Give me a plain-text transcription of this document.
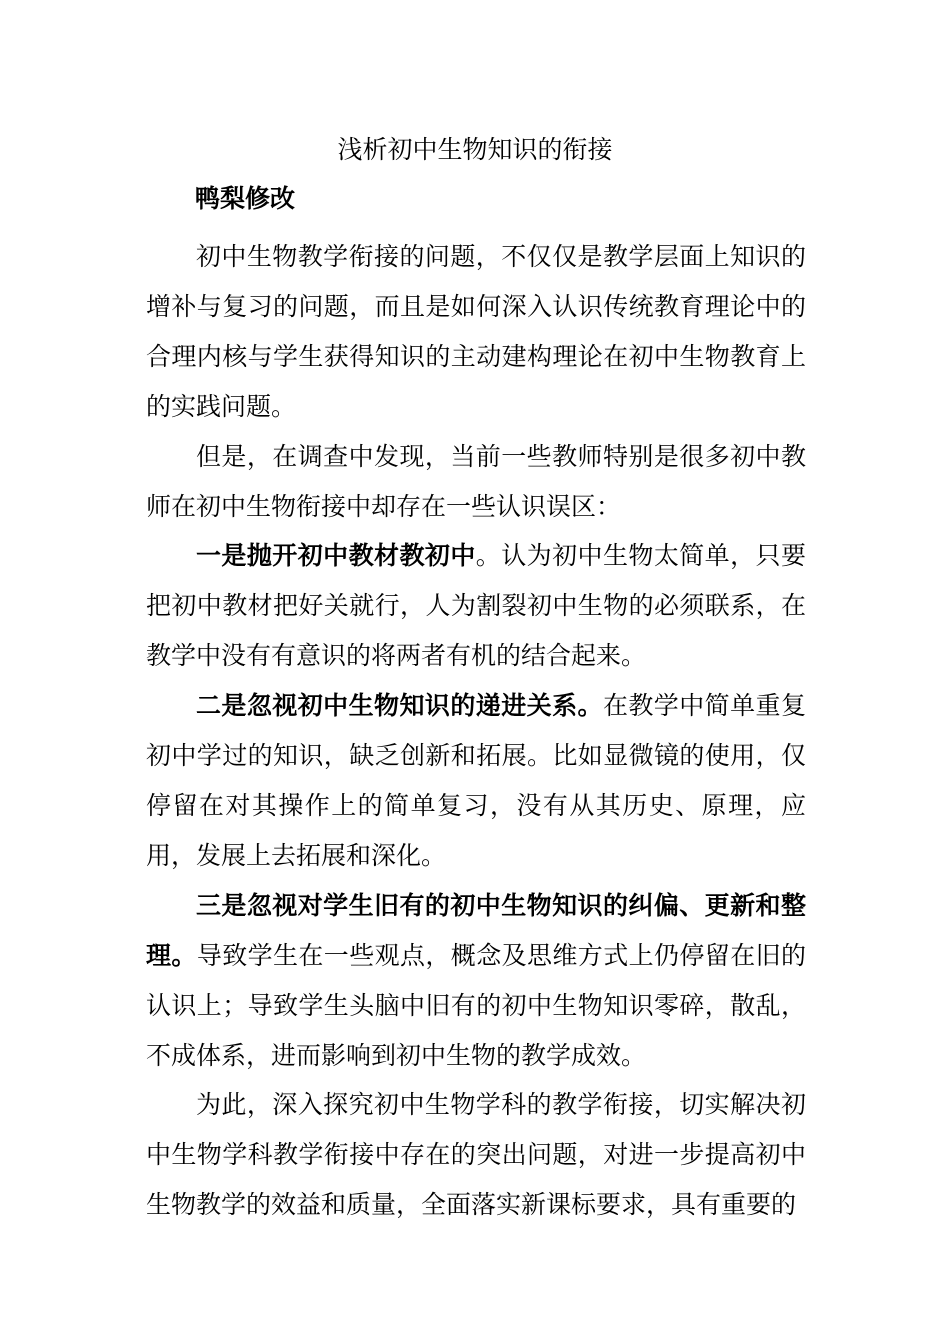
浅析初中生物知识的衔接
鸭梨修改

初中生物教学衔接的问题，不仅仅是教学层面上知识的增补与复习的问题，而且是如何深入认识传统教育理论中的合理内核与学生获得知识的主动建构理论在初中生物教育上的实践问题。

但是，在调查中发现，当前一些教师特别是很多初中教师在初中生物衔接中却存在一些认识误区：

一是抛开初中教材教初中。认为初中生物太简单，只要把初中教材把好关就行，人为割裂初中生物的必须联系，在教学中没有有意识的将两者有机的结合起来。

二是忽视初中生物知识的递进关系。在教学中简单重复初中学过的知识，缺乏创新和拓展。比如显微镜的使用，仅停留在对其操作上的简单复习，没有从其历史、原理，应用，发展上去拓展和深化。

三是忽视对学生旧有的初中生物知识的纠偏、更新和整理。导致学生在一些观点，概念及思维方式上仍停留在旧的认识上；导致学生头脑中旧有的初中生物知识零碎，散乱，不成体系，进而影响到初中生物的教学成效。

为此，深入探究初中生物学科的教学衔接，切实解决初中生物学科教学衔接中存在的突出问题，对进一步提高初中生物教学的效益和质量，全面落实新课标要求，具有重要的
